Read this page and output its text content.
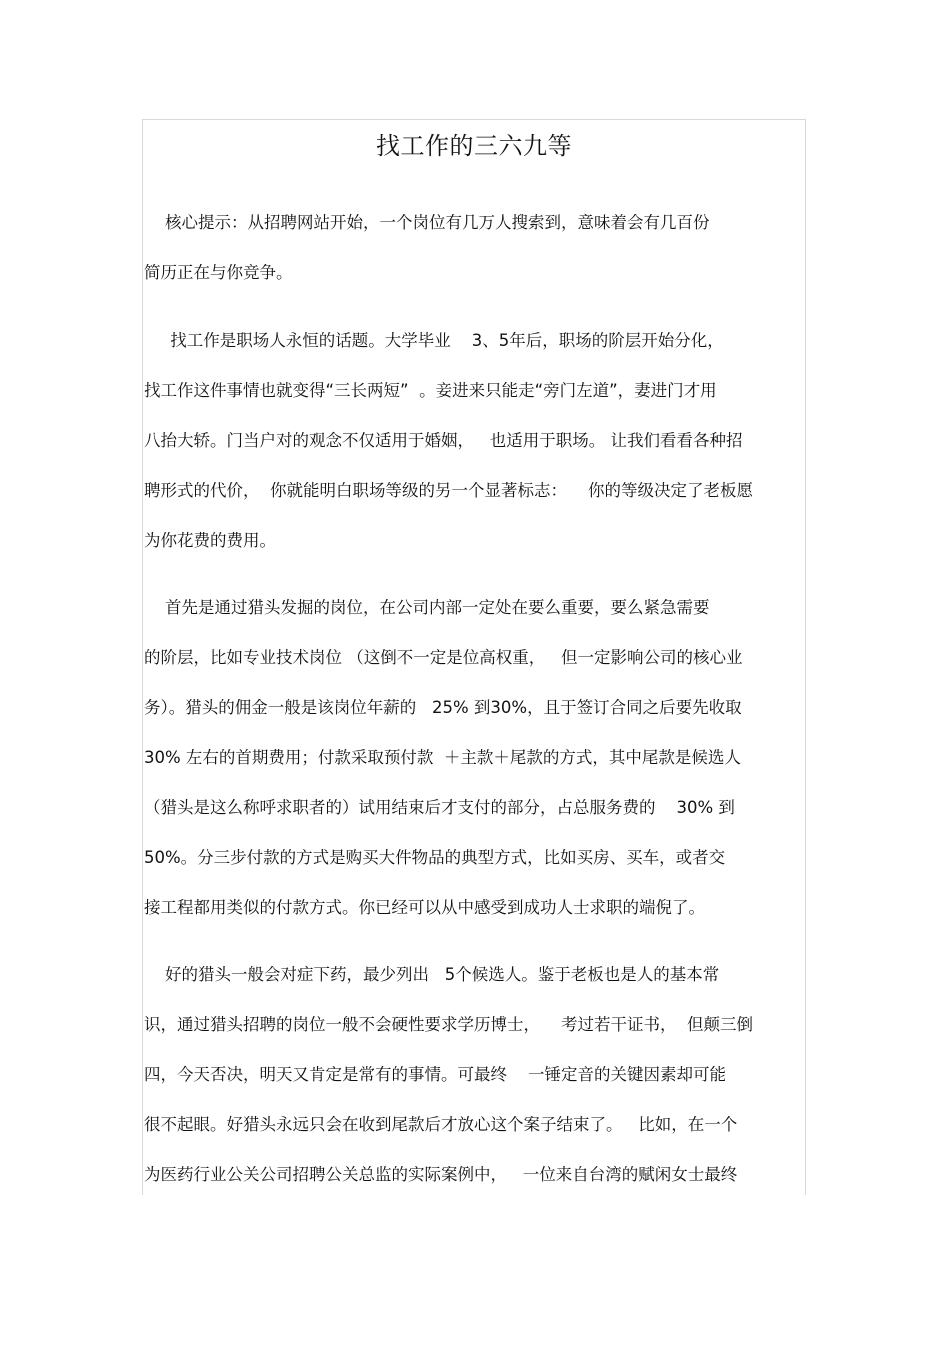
找工作的三六九等
核心提示：从招聘网站开始，一个岗位有几万人搜索到，意味着会有几百份
简历正在与你竞争。
找工作是职场人永恒的话题。大学毕业    3、5年后，职场的阶层开始分化，
找工作这件事情也就变得“三长两短”  。妾进来只能走“旁门左道”，妻进门才用
八抬大轿。门当户对的观念不仅适用于婚姻，   也适用于职场。 让我们看看各种招
聘形式的代价，  你就能明白职场等级的另一个显著标志：    你的等级决定了老板愿
为你花费的费用。
首先是通过猎头发掘的岗位，在公司内部一定处在要么重要，要么紧急需要
的阶层，比如专业技术岗位 （这倒不一定是位高权重，   但一定影响公司的核心业
务）。猎头的佣金一般是该岗位年薪的   25% 到30%，且于签订合同之后要先收取
30% 左右的首期费用；付款采取预付款  ＋主款＋尾款的方式，其中尾款是候选人
（猎头是这么称呼求职者的）试用结束后才支付的部分，占总服务费的    30% 到
50%。分三步付款的方式是购买大件物品的典型方式，比如买房、买车，或者交
接工程都用类似的付款方式。你已经可以从中感受到成功人士求职的端倪了。
好的猎头一般会对症下药，最少列出   5个候选人。鉴于老板也是人的基本常
识，通过猎头招聘的岗位一般不会硬性要求学历博士，    考过若干证书，  但颠三倒
四，今天否决，明天又肯定是常有的事情。可最终    一锤定音的关键因素却可能
很不起眼。好猎头永远只会在收到尾款后才放心这个案子结束了。   比如，在一个
为医药行业公关公司招聘公关总监的实际案例中，   一位来自台湾的赋闲女士最终
